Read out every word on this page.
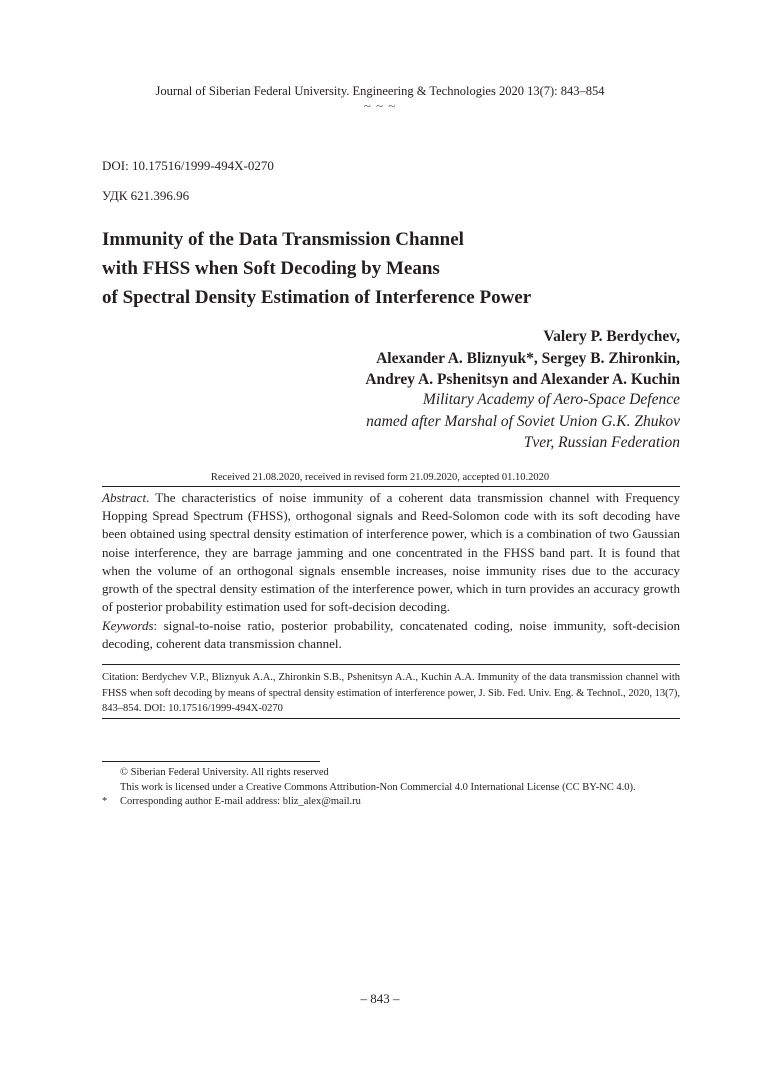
Journal of Siberian Federal University. Engineering & Technologies 2020 13(7): 843–854
~ ~ ~
DOI: 10.17516/1999-494X-0270
УДК 621.396.96
Immunity of the Data Transmission Channel
with FHSS when Soft Decoding by Means
of Spectral Density Estimation of Interference Power
Valery P. Berdychev,
Alexander A. Bliznyuk*, Sergey B. Zhironkin,
Andrey A. Pshenitsyn and Alexander A. Kuchin
Military Academy of Aero-Space Defence
named after Marshal of Soviet Union G.K. Zhukov
Tver, Russian Federation
Received 21.08.2020, received in revised form 21.09.2020, accepted 01.10.2020
Abstract. The characteristics of noise immunity of a coherent data transmission channel with Frequency Hopping Spread Spectrum (FHSS), orthogonal signals and Reed-Solomon code with its soft decoding have been obtained using spectral density estimation of interference power, which is a combination of two Gaussian noise interference, they are barrage jamming and one concentrated in the FHSS band part. It is found that when the volume of an orthogonal signals ensemble increases, noise immunity rises due to the accuracy growth of the spectral density estimation of the interference power, which in turn provides an accuracy growth of posterior probability estimation used for soft-decision decoding.
Keywords: signal-to-noise ratio, posterior probability, concatenated coding, noise immunity, soft-decision decoding, coherent data transmission channel.
Citation: Berdychev V.P., Bliznyuk A.A., Zhironkin S.B., Pshenitsyn A.A., Kuchin A.A. Immunity of the data transmission channel with FHSS when soft decoding by means of spectral density estimation of interference power, J. Sib. Fed. Univ. Eng. & Technol., 2020, 13(7), 843–854. DOI: 10.17516/1999-494X-0270
© Siberian Federal University. All rights reserved
This work is licensed under a Creative Commons Attribution-Non Commercial 4.0 International License (CC BY-NC 4.0).
* Corresponding author E-mail address: bliz_alex@mail.ru
– 843 –
